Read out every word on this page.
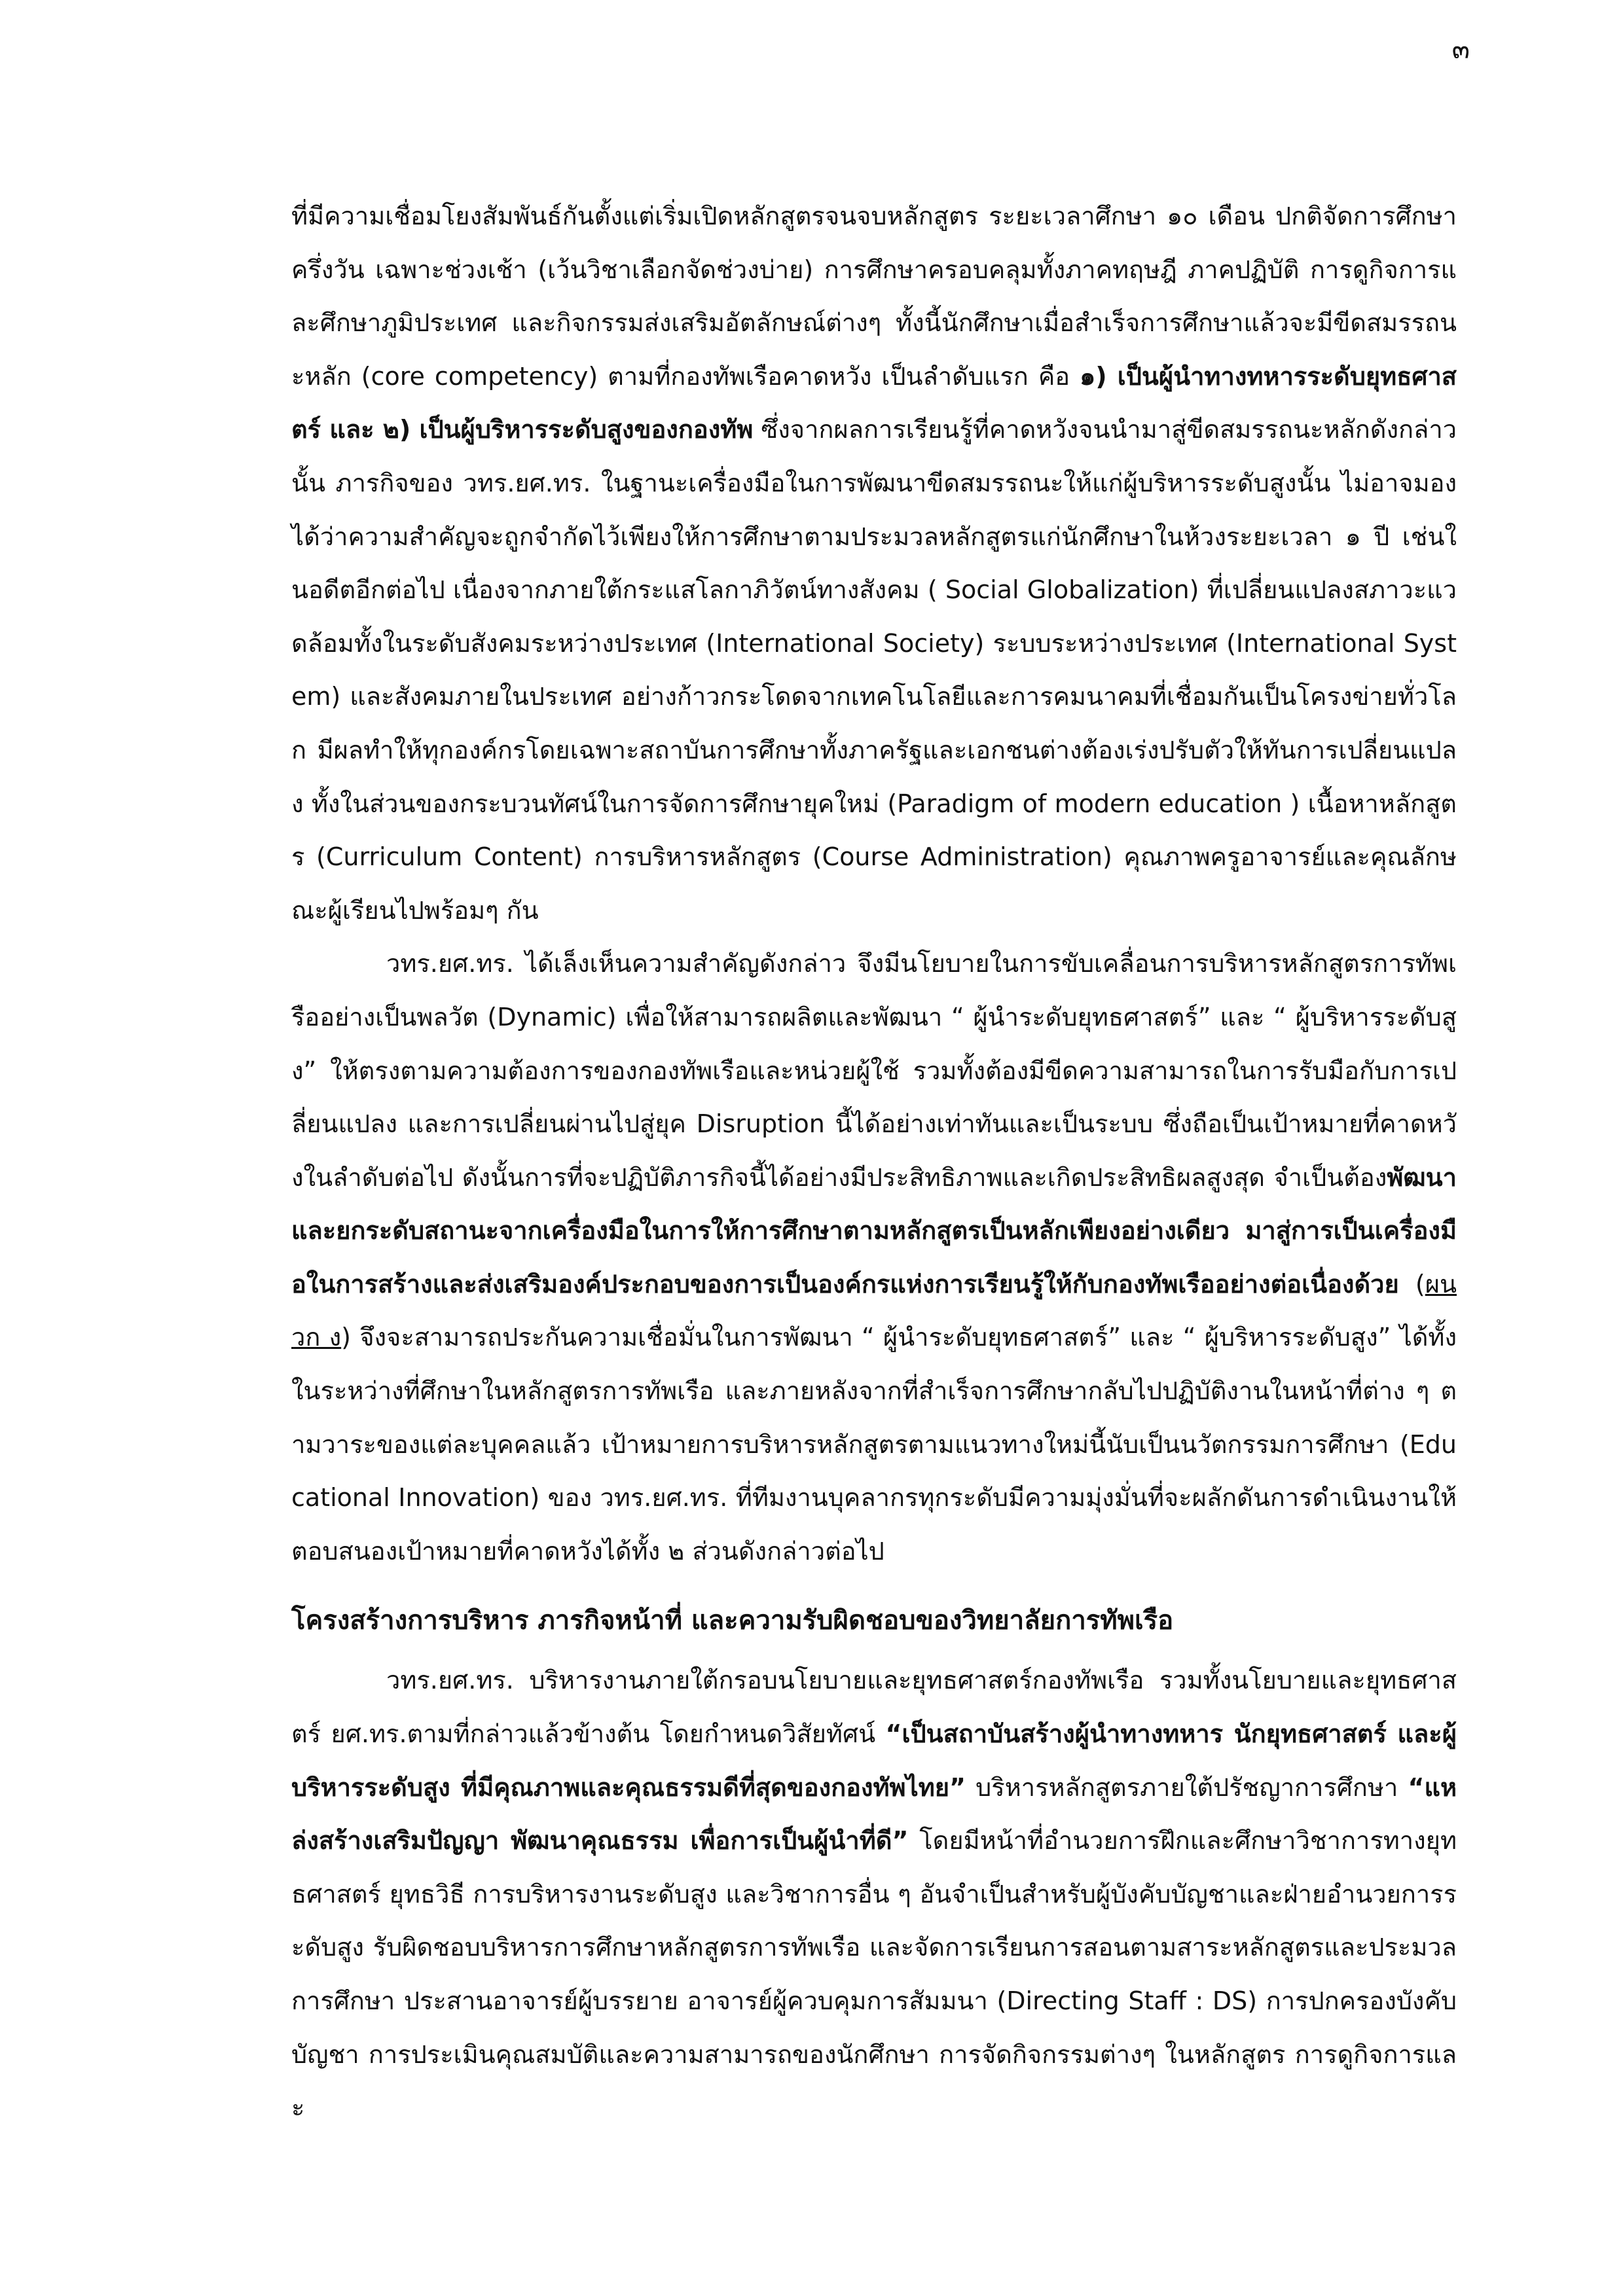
๓

ที่มีความเชื่อมโยงสัมพันธ์กันตั้งแต่เริ่มเปิดหลักสูตรจนจบหลักสูตร ระยะเวลาศึกษา ๑๐ เดือน ปกติจัดการศึกษาครึ่งวัน เฉพาะช่วงเช้า (เว้นวิชาเลือกจัดช่วงบ่าย) การศึกษาครอบคลุมทั้งภาคทฤษฎี ภาคปฏิบัติ การดูกิจการและศึกษาภูมิประเทศ และกิจกรรมส่งเสริมอัตลักษณ์ต่างๆ ทั้งนี้นักศึกษาเมื่อสำเร็จการศึกษาแล้วจะมีขีดสมรรถนะหลัก (core competency) ตามที่กองทัพเรือคาดหวัง เป็นลำดับแรก คือ ๑) เป็นผู้นำทางทหารระดับยุทธศาสตร์ และ ๒) เป็นผู้บริหารระดับสูงของกองทัพ ซึ่งจากผลการเรียนรู้ที่คาดหวังจนนำมาสู่ขีดสมรรถนะหลักดังกล่าวนั้น ภารกิจของ วทร.ยศ.ทร. ในฐานะเครื่องมือในการพัฒนาขีดสมรรถนะให้แก่ผู้บริหารระดับสูงนั้น ไม่อาจมองได้ว่าความสำคัญจะถูกจำกัดไว้เพียงให้การศึกษาตามประมวลหลักสูตรแก่นักศึกษาในห้วงระยะเวลา ๑ ปี เช่นในอดีตอีกต่อไป เนื่องจากภายใต้กระแสโลกาภิวัตน์ทางสังคม ( Social Globalization) ที่เปลี่ยนแปลงสภาวะแวดล้อมทั้งในระดับสังคมระหว่างประเทศ (International Society) ระบบระหว่างประเทศ (International System) และสังคมภายในประเทศ อย่างก้าวกระโดดจากเทคโนโลยีและการคมนาคมที่เชื่อมกันเป็นโครงข่ายทั่วโลก มีผลทำให้ทุกองค์กรโดยเฉพาะสถาบันการศึกษาทั้งภาครัฐและเอกชนต่างต้องเร่งปรับตัวให้ทันการเปลี่ยนแปลง ทั้งในส่วนของกระบวนทัศน์ในการจัดการศึกษายุคใหม่ (Paradigm of modern education ) เนื้อหาหลักสูตร (Curriculum Content) การบริหารหลักสูตร (Course Administration) คุณภาพครูอาจารย์และคุณลักษณะผู้เรียนไปพร้อมๆ กัน

วทร.ยศ.ทร. ได้เล็งเห็นความสำคัญดังกล่าว จึงมีนโยบายในการขับเคลื่อนการบริหารหลักสูตรการทัพเรืออย่างเป็นพลวัต (Dynamic) เพื่อให้สามารถผลิตและพัฒนา “ ผู้นำระดับยุทธศาสตร์” และ “ ผู้บริหารระดับสูง” ให้ตรงตามความต้องการของกองทัพเรือและหน่วยผู้ใช้ รวมทั้งต้องมีขีดความสามารถในการรับมือกับการเปลี่ยนแปลง และการเปลี่ยนผ่านไปสู่ยุค Disruption นี้ได้อย่างเท่าทันและเป็นระบบ ซึ่งถือเป็นเป้าหมายที่คาดหวังในลำดับต่อไป ดังนั้นการที่จะปฏิบัติภารกิจนี้ได้อย่างมีประสิทธิภาพและเกิดประสิทธิผลสูงสุด จำเป็นต้องพัฒนาและยกระดับสถานะจากเครื่องมือในการให้การศึกษาตามหลักสูตรเป็นหลักเพียงอย่างเดียว มาสู่การเป็นเครื่องมือในการสร้างและส่งเสริมองค์ประกอบของการเป็นองค์กรแห่งการเรียนรู้ให้กับกองทัพเรืออย่างต่อเนื่องด้วย (ผนวก ง) จึงจะสามารถประกันความเชื่อมั่นในการพัฒนา “ ผู้นำระดับยุทธศาสตร์” และ “ ผู้บริหารระดับสูง” ได้ทั้งในระหว่างที่ศึกษาในหลักสูตรการทัพเรือ และภายหลังจากที่สำเร็จการศึกษากลับไปปฏิบัติงานในหน้าที่ต่าง ๆ ตามวาระของแต่ละบุคคลแล้ว เป้าหมายการบริหารหลักสูตรตามแนวทางใหม่นี้นับเป็นนวัตกรรมการศึกษา (Educational Innovation) ของ วทร.ยศ.ทร. ที่ทีมงานบุคลากรทุกระดับมีความมุ่งมั่นที่จะผลักดันการดำเนินงานให้ตอบสนองเป้าหมายที่คาดหวังได้ทั้ง ๒ ส่วนดังกล่าวต่อไป

โครงสร้างการบริหาร ภารกิจหน้าที่ และความรับผิดชอบของวิทยาลัยการทัพเรือ

วทร.ยศ.ทร. บริหารงานภายใต้กรอบนโยบายและยุทธศาสตร์กองทัพเรือ รวมทั้งนโยบายและยุทธศาสตร์ ยศ.ทร.ตามที่กล่าวแล้วข้างต้น โดยกำหนดวิสัยทัศน์ “เป็นสถาบันสร้างผู้นำทางทหาร นักยุทธศาสตร์ และผู้บริหารระดับสูง ที่มีคุณภาพและคุณธรรมดีที่สุดของกองทัพไทย” บริหารหลักสูตรภายใต้ปรัชญาการศึกษา “แหล่งสร้างเสริมปัญญา พัฒนาคุณธรรม เพื่อการเป็นผู้นำที่ดี” โดยมีหน้าที่อำนวยการฝึกและศึกษาวิชาการทางยุทธศาสตร์ ยุทธวิธี การบริหารงานระดับสูง และวิชาการอื่น ๆ อันจำเป็นสำหรับผู้บังคับบัญชาและฝ่ายอำนวยการระดับสูง รับผิดชอบบริหารการศึกษาหลักสูตรการทัพเรือ และจัดการเรียนการสอนตามสาระหลักสูตรและประมวลการศึกษา ประสานอาจารย์ผู้บรรยาย อาจารย์ผู้ควบคุมการสัมมนา (Directing Staff : DS) การปกครองบังคับบัญชา การประเมินคุณสมบัติและความสามารถของนักศึกษา การจัดกิจกรรมต่างๆ ในหลักสูตร การดูกิจการและ
